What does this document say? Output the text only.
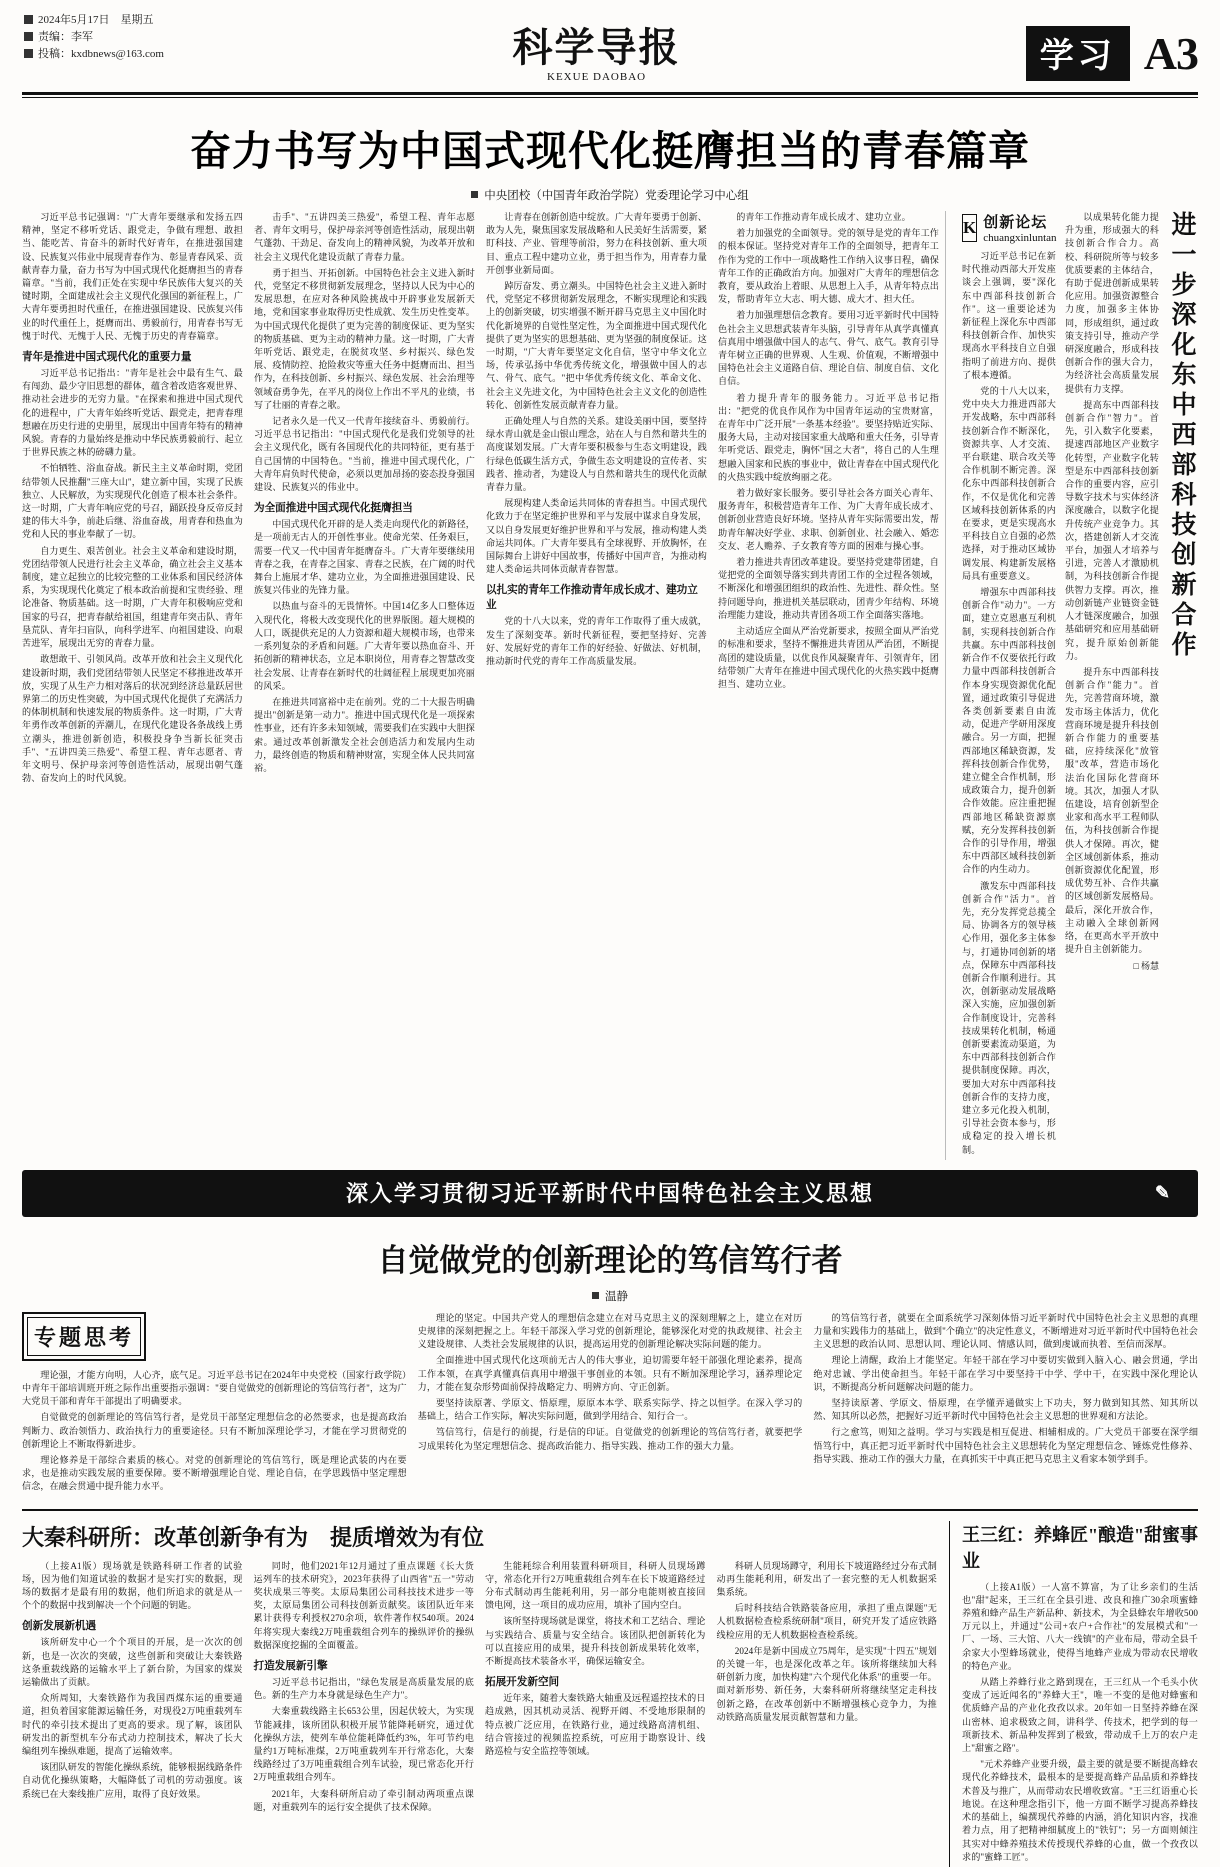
2024年5月17日　星期五
责编：李军
投稿：kxdbnews@163.com	科学导报
KEXUE DAOBAO
学习 A3
奋力书写为中国式现代化挺膺担当的青春篇章
中央团校（中国青年政治学院）党委理论学习中心组

习近平总书记强调："广大青年要继承和发扬五四精神，坚定不移听党话、跟党走，争做有理想、敢担当、能吃苦、肯奋斗的新时代好青年，在推进强国建设、民族复兴伟业中展现青春作为、彰显青春风采、贡献青春力量，奋力书写为中国式现代化挺膺担当的青春篇章。"当前，我们正处在实现中华民族伟大复兴的关键时期，全面建成社会主义现代化强国的新征程上，广大青年要勇担时代重任，在推进强国建设、民族复兴伟业的时代重任上，挺膺而出、勇毅前行，用青春书写无愧于时代、无愧于人民、无愧于历史的青春篇章。

青年是推进中国式现代化的重要力量

习近平总书记指出："青年是社会中最有生气、最有闯劲、最少守旧思想的群体，蕴含着改造客观世界、推动社会进步的无穷力量。"在探索和推进中国式现代化的进程中，广大青年始终听党话、跟党走，把青春理想融在历史行进的史册里，展现出中国青年特有的精神风貌。青春的力量始终是推动中华民族勇毅前行、起立于世界民族之林的磅礴力量。

不怕牺牲、浴血奋战。新民主主义革命时期，党团结带领人民推翻"三座大山"，建立新中国，实现了民族独立、人民解放，为实现现代化创造了根本社会条件。这一时期，广大青年响应党的号召，踊跃投身反帝反封建的伟大斗争，前赴后继、浴血奋战，用青春和热血为党和人民的事业奉献了一切。

自力更生、艰苦创业。社会主义革命和建设时期，党团结带领人民进行社会主义革命，确立社会主义基本制度，建立起独立的比较完整的工业体系和国民经济体系，为实现现代化奠定了根本政治前提和宝贵经验、理论准备、物质基础。这一时期，广大青年积极响应党和国家的号召，把青春献给祖国，组建青年突击队、青年垦荒队、青年扫盲队，向科学进军、向祖国建设、向艰苦进军，展现出无穷的青春力量。

敢想敢干、引领风尚。改革开放和社会主义现代化建设新时期，我们党团结带领人民坚定不移推进改革开放，实现了从生产力相对落后的状况到经济总量跃居世界第二的历史性突破，为中国式现代化提供了充满活力的体制机制和快速发展的物质条件。这一时期，广大青年勇作改革创新的弄潮儿，在现代化建设各条战线上勇立潮头，推进创新创造，积极投身争当新长征突击手"、"五讲四美三热爱"、希望工程、青年志愿者、青年文明号、保护母亲河等创造性活动，展现出朝气蓬勃、奋发向上的时代风貌。

击手"、"五讲四美三热爱"，希望工程、青年志愿者、青年文明号，保护母亲河等创造性活动，展现出朝气蓬勃、干劲足、奋发向上的精神风貌，为改革开放和社会主义现代化建设贡献了青春力量。

勇于担当、开拓创新。中国特色社会主义进入新时代，党坚定不移贯彻新发展理念，坚持以人民为中心的发展思想，在应对各种风险挑战中开辟事业发展新天地，党和国家事业取得历史性成就、发生历史性变革。为中国式现代化提供了更为完善的制度保证、更为坚实的物质基础、更为主动的精神力量。这一时期，广大青年听党话、跟党走，在脱贫攻坚、乡村振兴、绿色发展、疫情防控、抢险救灾等重大任务中挺膺而出、担当作为，在科技创新、乡村振兴、绿色发展、社会治理等领域奋勇争先，在平凡的岗位上作出不平凡的业绩，书写了壮丽的青春之歌。

记者永久是一代又一代青年接续奋斗、勇毅前行。习近平总书记指出："中国式现代化是我们党领导的社会主义现代化，既有各国现代化的共同特征，更有基于自己国情的中国特色。"当前，推进中国式现代化，广大青年肩负时代使命，必须以更加昂扬的姿态投身强国建设、民族复兴的伟业中。

为全面推进中国式现代化挺膺担当

中国式现代化开辟的是人类走向现代化的新路径，是一项前无古人的开创性事业。使命光荣、任务艰巨，需要一代又一代中国青年挺膺奋斗。广大青年要继续用青春之我，在青春之国家、青春之民族，在广阔的时代舞台上施展才华、建功立业，为全面推进强国建设、民族复兴伟业的先锋力量。

以热血与奋斗的无畏情怀。中国14亿多人口整体迈入现代化，将极大改变现代化的世界版图。超大规模的人口，既提供充足的人力资源和超大规模市场，也带来一系列复杂的矛盾和问题。广大青年要以热血奋斗、开拓创新的精神状态，立足本职岗位，用青春之智慧改变社会发展、让青春在新时代的壮阔征程上展现更加亮丽的风采。

在推进共同富裕中走在前列。党的二十大报告明确提出"创新是第一动力"。推进中国式现代化是一项探索性事业，还有许多未知领域，需要我们在实践中大胆探索。通过改革创新激发全社会创造活力和发展内生动力，最终创造的物质和精神财富，实现全体人民共同富裕。

让青春在创新创造中绽放。广大青年要勇于创新、敢为人先，聚焦国家发展战略和人民美好生活需要，紧盯科技、产业、管理等前沿，努力在科技创新、重大项目、重点工程中建功立业，勇于担当作为，用青春力量开创事业新局面。

踔厉奋发、勇立潮头。中国特色社会主义进入新时代，党坚定不移贯彻新发展理念，不断实现理论和实践上的创新突破，切实增强不断开辟马克思主义中国化时代化新境界的自觉性坚定性，为全面推进中国式现代化提供了更为坚实的思想基础、更为坚强的制度保证。这一时期，"广大青年要坚定文化自信，坚守中华文化立场，传承弘扬中华优秀传统文化，增强做中国人的志气、骨气、底气。"把中华优秀传统文化、革命文化、社会主义先进文化，为中国特色社会主义文化的创造性转化、创新性发展贡献青春力量。

正确处理人与自然的关系。建设美丽中国，要坚持绿水青山就是金山银山理念，站在人与自然和谐共生的高度谋划发展。广大青年要积极参与生态文明建设，践行绿色低碳生活方式，争做生态文明建设的宣传者、实践者、推动者，为建设人与自然和谐共生的现代化贡献青春力量。

展现构建人类命运共同体的青春担当。中国式现代化致力于在坚定维护世界和平与发展中谋求自身发展，又以自身发展更好维护世界和平与发展，推动构建人类命运共同体。广大青年要具有全球视野、开放胸怀，在国际舞台上讲好中国故事，传播好中国声音，为推动构建人类命运共同体贡献青春智慧。

以扎实的青年工作推动青年成长成才、建功立业

党的十八大以来，党的青年工作取得了重大成就，发生了深刻变革。新时代新征程，要把坚持好、完善好、发展好党的青年工作的好经验、好做法、好机制，推动新时代党的青年工作高质量发展。

的青年工作推动青年成长成才、建功立业。

着力加强党的全面领导。党的领导是党的青年工作的根本保证。坚持党对青年工作的全面领导，把青年工作作为党的工作中一项战略性工作纳入议事日程，确保青年工作的正确政治方向。加强对广大青年的理想信念教育，要从政治上着眼、从思想上入手，从青年特点出发，帮助青年立大志、明大德、成大才、担大任。

着力加强理想信念教育。要用习近平新时代中国特色社会主义思想武装青年头脑，引导青年从真学真懂真信真用中增强做中国人的志气、骨气、底气。教育引导青年树立正确的世界观、人生观、价值观，不断增强中国特色社会主义道路自信、理论自信、制度自信、文化自信。

着力提升青年的服务能力。习近平总书记指出："把党的优良作风作为中国青年运动的宝贵财富，在青年中广泛开展"一条基本经验"。要坚持贴近实际、服务大局，主动对接国家重大战略和重大任务，引导青年听党话、跟党走，胸怀"国之大者"，将自己的人生理想融入国家和民族的事业中，做让青春在中国式现代化的火热实践中绽放绚丽之花。

着力做好家长服务。要引导社会各方面关心青年、服务青年，积极营造青年工作、为广大青年成长成才、创新创业营造良好环境。坚持从青年实际需要出发，帮助青年解决好学业、求职、创新创业、社会融入、婚恋交友、老人赡养、子女教育等方面的困难与操心事。

着力推进共青团改革建设。要坚持党建带团建，自觉把党的全面领导落实到共青团工作的全过程各领域，不断深化和增强团组织的政治性、先进性、群众性。坚持问题导向，推进机关基层联动，团青少年结构、环境治理能力建设，推动共青团各项工作全面落实落地。

主动适应全面从严治党新要求，按照全面从严治党的标准和要求，坚持不懈推进共青团从严治团，不断提高团的建设质量，以优良作风凝聚青年、引领青年，团结带领广大青年在推进中国式现代化的火热实践中挺膺担当、建功立业。

K 创新论坛
chuangxinluntan

习近平总书记在新时代推动西部大开发座谈会上强调，要"深化东中西部科技创新合作"。这一重要论述为新征程上深化东中西部科技创新合作、加快实现高水平科技自立自强指明了前进方向、提供了根本遵循。

党的十八大以来，党中央大力推进西部大开发战略，东中西部科技创新合作不断深化，资源共享、人才交流、平台联建、联合攻关等合作机制不断完善。深化东中西部科技创新合作，不仅是优化和完善区域科技创新体系的内在要求，更是实现高水平科技自立自强的必然选择，对于推动区域协调发展、构建新发展格局具有重要意义。

增强东中西部科技创新合作"动力"。一方面，建立克恩惠互利机制，实现科技创新合作共赢。东中西部科技创新合作不仅要依托行政力量中西部科技创新合作本身实现资源优化配置，通过政策引导促进各类创新要素自由流动，促进产学研用深度融合。另一方面，把握西部地区稀缺资源，发挥科技创新合作优势，建立健全合作机制，形成政策合力，提升创新合作效能。应注重把握西部地区稀缺资源禀赋，充分发挥科技创新合作的引导作用，增强东中西部区域科技创新合作的内生动力。

激发东中西部科技创新合作"活力"。首先，充分发挥党总揽全局、协调各方的领导核心作用，强化多主体参与，打通协同创新的堵点，保障东中西部科技创新合作顺利进行。其次，创新驱动发展战略深入实施，应加强创新合作制度设计，完善科技成果转化机制，畅通创新要素流动渠道，为东中西部科技创新合作提供制度保障。再次，要加大对东中西部科技创新合作的支持力度，建立多元化投入机制，引导社会资本参与，形成稳定的投入增长机制。

以成果转化能力提升为重，形成强大的科技创新合作合力。高校、科研院所等与较多优质要素的主体结合，有助于促进创新成果转化应用。加强资源整合力度，加强多主体协同，形成组织，通过政策支持引导，推动产学研深度融合，形成科技创新合作的强大合力，为经济社会高质量发展提供有力支撑。

提高东中西部科技创新合作"智力"。首先，引入数字化要素，提速西部地区产业数字化转型，产业数字化转型是东中西部科技创新合作的重要内容，应引导数字技术与实体经济深度融合，以数字化提升传统产业竞争力。其次，搭建创新人才交流平台，加强人才培养与引进，完善人才激励机制，为科技创新合作提供智力支撑。再次，推动创新链产业链资金链人才链深度融合，加强基础研究和应用基础研究，提升原始创新能力。

提升东中西部科技创新合作"能力"。首先，完善营商环境，激发市场主体活力，优化营商环境是提升科技创新合作能力的重要基础，应持续深化"放管服"改革，营造市场化法治化国际化营商环境。其次，加强人才队伍建设，培育创新型企业家和高水平工程师队伍，为科技创新合作提供人才保障。再次，健全区域创新体系，推动创新资源优化配置，形成优势互补、合作共赢的区域创新发展格局。最后，深化开放合作，主动融入全球创新网络，在更高水平开放中提升自主创新能力。

□ 杨慧
进一步深化东中西部科技创新合作
深入学习贯彻习近平新时代中国特色社会主义思想	✎
自觉做党的创新理论的笃信笃行者
温静
专题思考

理论强，才能方向明，人心齐，底气足。习近平总书记在2024年中央党校（国家行政学院）中青年干部培训班开班之际作出重要指示强调："要自觉做党的创新理论的笃信笃行者"，这为广大党员干部和青年干部提出了明确要求。

自觉做党的创新理论的笃信笃行者，是党员干部坚定理想信念的必然要求，也是提高政治判断力、政治领悟力、政治执行力的重要途径。只有不断加深理论学习，才能在学习贯彻党的创新理论上不断取得新进步。

理论修养是干部综合素质的核心。对党的创新理论的笃信笃行，既是理论武装的内在要求，也是推动实践发展的重要保障。要不断增强理论自觉、理论自信，在学思践悟中坚定理想信念，在融会贯通中提升能力水平。

理论的坚定。中国共产党人的理想信念建立在对马克思主义的深刻理解之上，建立在对历史规律的深刻把握之上。年轻干部深入学习党的创新理论，能够深化对党的执政规律、社会主义建设规律、人类社会发展规律的认识，提高运用党的创新理论解决实际问题的能力。

全面推进中国式现代化这项前无古人的伟大事业，迫切需要年轻干部强化理论素养，提高工作本领，在真学真懂真信真用中增强干事创业的本领。只有不断加深理论学习，涵养理论定力，才能在复杂形势面前保持战略定力、明辨方向、守正创新。

要坚持读原著、学原文、悟原理，原原本本学、联系实际学、持之以恒学。在深入学习的基础上，结合工作实际，解决实际问题，做到学用结合、知行合一。

笃信笃行，信是行的前提，行是信的印证。自觉做党的创新理论的笃信笃行者，就要把学习成果转化为坚定理想信念、提高政治能力、指导实践、推动工作的强大力量。

的笃信笃行者，就要在全面系统学习深刻体悟习近平新时代中国特色社会主义思想的真理力量和实践伟力的基础上，做到"个确立"的决定性意义，不断增进对习近平新时代中国特色社会主义思想的政治认同、思想认同、理论认同、情感认同，做到虔诚而执着、至信而深厚。

理论上清醒，政治上才能坚定。年轻干部在学习中要切实做到入脑入心、融会贯通，学出绝对忠诚、学出使命担当。年轻干部在学习中要坚持干中学、学中干，在实践中深化理论认识，不断提高分析问题解决问题的能力。

坚持读原著、学原文、悟原理，在学懂弄通做实上下功夫，努力做到知其然、知其所以然、知其所以必然，把握好习近平新时代中国特色社会主义思想的世界观和方法论。

行之愈笃，则知之益明。学习与实践是相互促进、相辅相成的。广大党员干部要在深学细悟笃行中，真正把习近平新时代中国特色社会主义思想转化为坚定理想信念、锤炼党性修养、指导实践、推动工作的强大力量，在真抓实干中真正把马克思主义看家本领学到手。

大秦科研所：改革创新争有为　提质增效为有位

（上接A1版）现场就是铁路科研工作者的试验场，因为他们知道试验的数据才是实打实的数据，现场的数据才是最有用的数据，他们所追求的就是从一个个的数据中找到解决一个个问题的钥匙。

创新发展新机遇

该所研发中心一个个项目的开展，是一次次的创新，也是一次次的突破，这些创新和突破让大秦铁路这条重载线路的运输水平上了新台阶，为国家的煤炭运输做出了贡献。

众所周知，大秦铁路作为我国西煤东运的重要通道，担负着国家能源运输任务，对现役2万吨重载列车时代的牵引技术提出了更高的要求。现了解，该团队研发出的新型机车分布式动力控制技术，解决了长大编组列车操纵难题，提高了运输效率。

该团队研发的智能化操纵系统，能够根据线路条件自动优化操纵策略，大幅降低了司机的劳动强度。该系统已在大秦线推广应用，取得了良好效果。

同时，他们2021年12月通过了重点课题《长大货运列车的技术研究》，2023年获得了山西省"五一"劳动奖状成果三等奖。太原局集团公司科技技术进步一等奖，太原局集团公司科技创新贡献奖。该团队近年来累计获得专利授权270余项，软件著作权540项。2024年将实现大秦线2万吨重载组合列车的操纵评价的操纵数据深度挖掘的全面覆盖。

打造发展新引擎

习近平总书记指出，"绿色发展是高质量发展的底色。新的生产力本身就是绿色生产力"。

大秦重载线路主长653公里，因起伏较大，为实现节能减排，该所团队积极开展节能降耗研究，通过优化操纵方法，使列车单位能耗降低约3%，年可节约电量约1万吨标准煤，2万吨重载列车开行常态化，大秦线路经过了3万吨重载组合列车试验，现已常态化开行2万吨重载组合列车。

2021年，大秦科研所启动了牵引制动两项重点课题，对重载列车的运行安全提供了技术保障。

生能耗综合利用装置科研项目，科研人员现场蹲守，常态化开行2万吨重载组合列车在长下坡道路经过分布式制动再生能耗利用，另一部分电能则被直接回馈电网，这一项目的成功应用，填补了国内空白。

该所坚持现场就是课堂，将技术和工艺结合、理论与实践结合、质量与安全结合。该团队把创新转化为可以直接应用的成果，提升科技创新成果转化效率，不断提高技术装备水平，确保运输安全。

拓展开发新空间

近年来，随着大秦铁路大轴重及远程遥控技术的日趋成熟，因其机动灵活、视野开阔、不受地形限制的特点被广泛应用，在铁路行业，通过线路高清机组、结合管接过的视频监控系统，可应用于勘察设计、线路巡检与安全监控等领域。

科研人员现场蹲守，利用长下坡道路经过分布式制动再生能耗利用，研发出了一套完整的无人机数据采集系统。

后时科技结合铁路装备应用，承担了重点课题"无人机数据检查检系统研制"项目，研究开发了适应铁路线检应用的无人机数据检查检系统。

2024年是新中国成立75周年，是实现"十四五"规划的关键一年，也是深化改革之年。该所将继续加大科研创新力度，加快构建"六个现代化体系"的重要一年。面对新形势、新任务，大秦科研所将继续坚定走科技创新之路，在改革创新中不断增强核心竞争力，为推动铁路高质量发展贡献智慧和力量。

王三红：养蜂匠"酿造"甜蜜事业

（上接A1版）一人富不算富，为了让乡亲们的生活也"甜"起来，王三红在全县引进、改良和推广30余项蜜蜂养殖和蜂产品生产新品种、新技术，为全县蜂农年增收500万元以上，并通过"公司+农户+合作社"的发展模式和"一厂、一场、三大馆、八大一线镇"的产业布局，带动全县千余家大小型蜂场就业，使得当地蜂产业成为带动农民增收的特色产业。

从踏上养蜂行业之路到现在，王三红从一个毛头小伙变成了远近闻名的"养蜂大王"，唯一不变的是他对蜂蜜和优质蜂产品的产业化孜孜以求。20年如一日坚持养蜂在深山密林、追求极致之间，讲科学、传技术，把学到的每一项新技术、新品种发挥到了极致，带动成千上万的农户走上"甜蜜之路"。

"元术养蜂产业要升级，最主要的就是要不断提高蜂农现代化养蜂技术，最根本的是要提高蜂产品品质和养蜂技术普及与推广，从而带动农民增收致富。"王三红语重心长地说。在这种理念指引下，他一方面不断学习提高养蜂技术的基础上，编撰现代养蜂的内涵，消化知识内容，找准着力点，用了把精神细腻度上的"铁钉"；另一方面则倾注其实对中蜂养殖技术传授现代养蜂的心血，做一个孜孜以求的"蜜蜂工匠"。
